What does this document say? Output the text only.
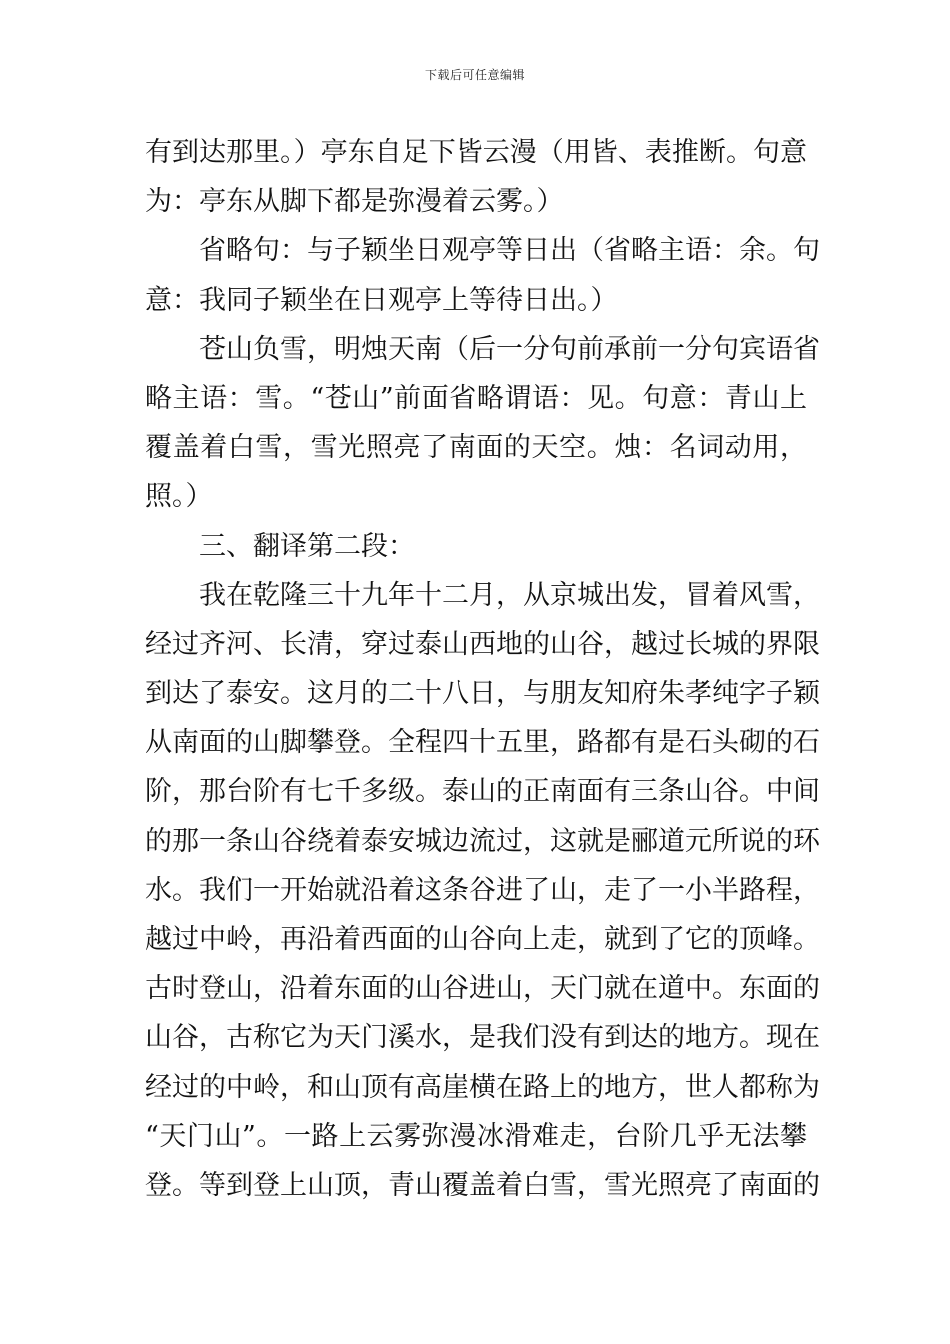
下载后可任意编辑
有到达那里。）亭东自足下皆云漫（用皆、表推断。句意
为：亭东从脚下都是弥漫着云雾。）
省略句：与子颖坐日观亭等日出（省略主语：余。句
意：我同子颖坐在日观亭上等待日出。）
苍山负雪，明烛天南（后一分句前承前一分句宾语省
略主语：雪。“苍山”前面省略谓语：见。句意：青山上
覆盖着白雪，雪光照亮了南面的天空。烛：名词动用，
照。）
三、翻译第二段：
我在乾隆三十九年十二月，从京城出发，冒着风雪，
经过齐河、长清，穿过泰山西地的山谷，越过长城的界限
到达了泰安。这月的二十八日，与朋友知府朱孝纯字子颖
从南面的山脚攀登。全程四十五里，路都有是石头砌的石
阶，那台阶有七千多级。泰山的正南面有三条山谷。中间
的那一条山谷绕着泰安城边流过，这就是郦道元所说的环
水。我们一开始就沿着这条谷进了山，走了一小半路程，
越过中岭，再沿着西面的山谷向上走，就到了它的顶峰。
古时登山，沿着东面的山谷进山，天门就在道中。东面的
山谷，古称它为天门溪水，是我们没有到达的地方。现在
经过的中岭，和山顶有高崖横在路上的地方，世人都称为
“天门山”。一路上云雾弥漫冰滑难走，台阶几乎无法攀
登。等到登上山顶，青山覆盖着白雪，雪光照亮了南面的
